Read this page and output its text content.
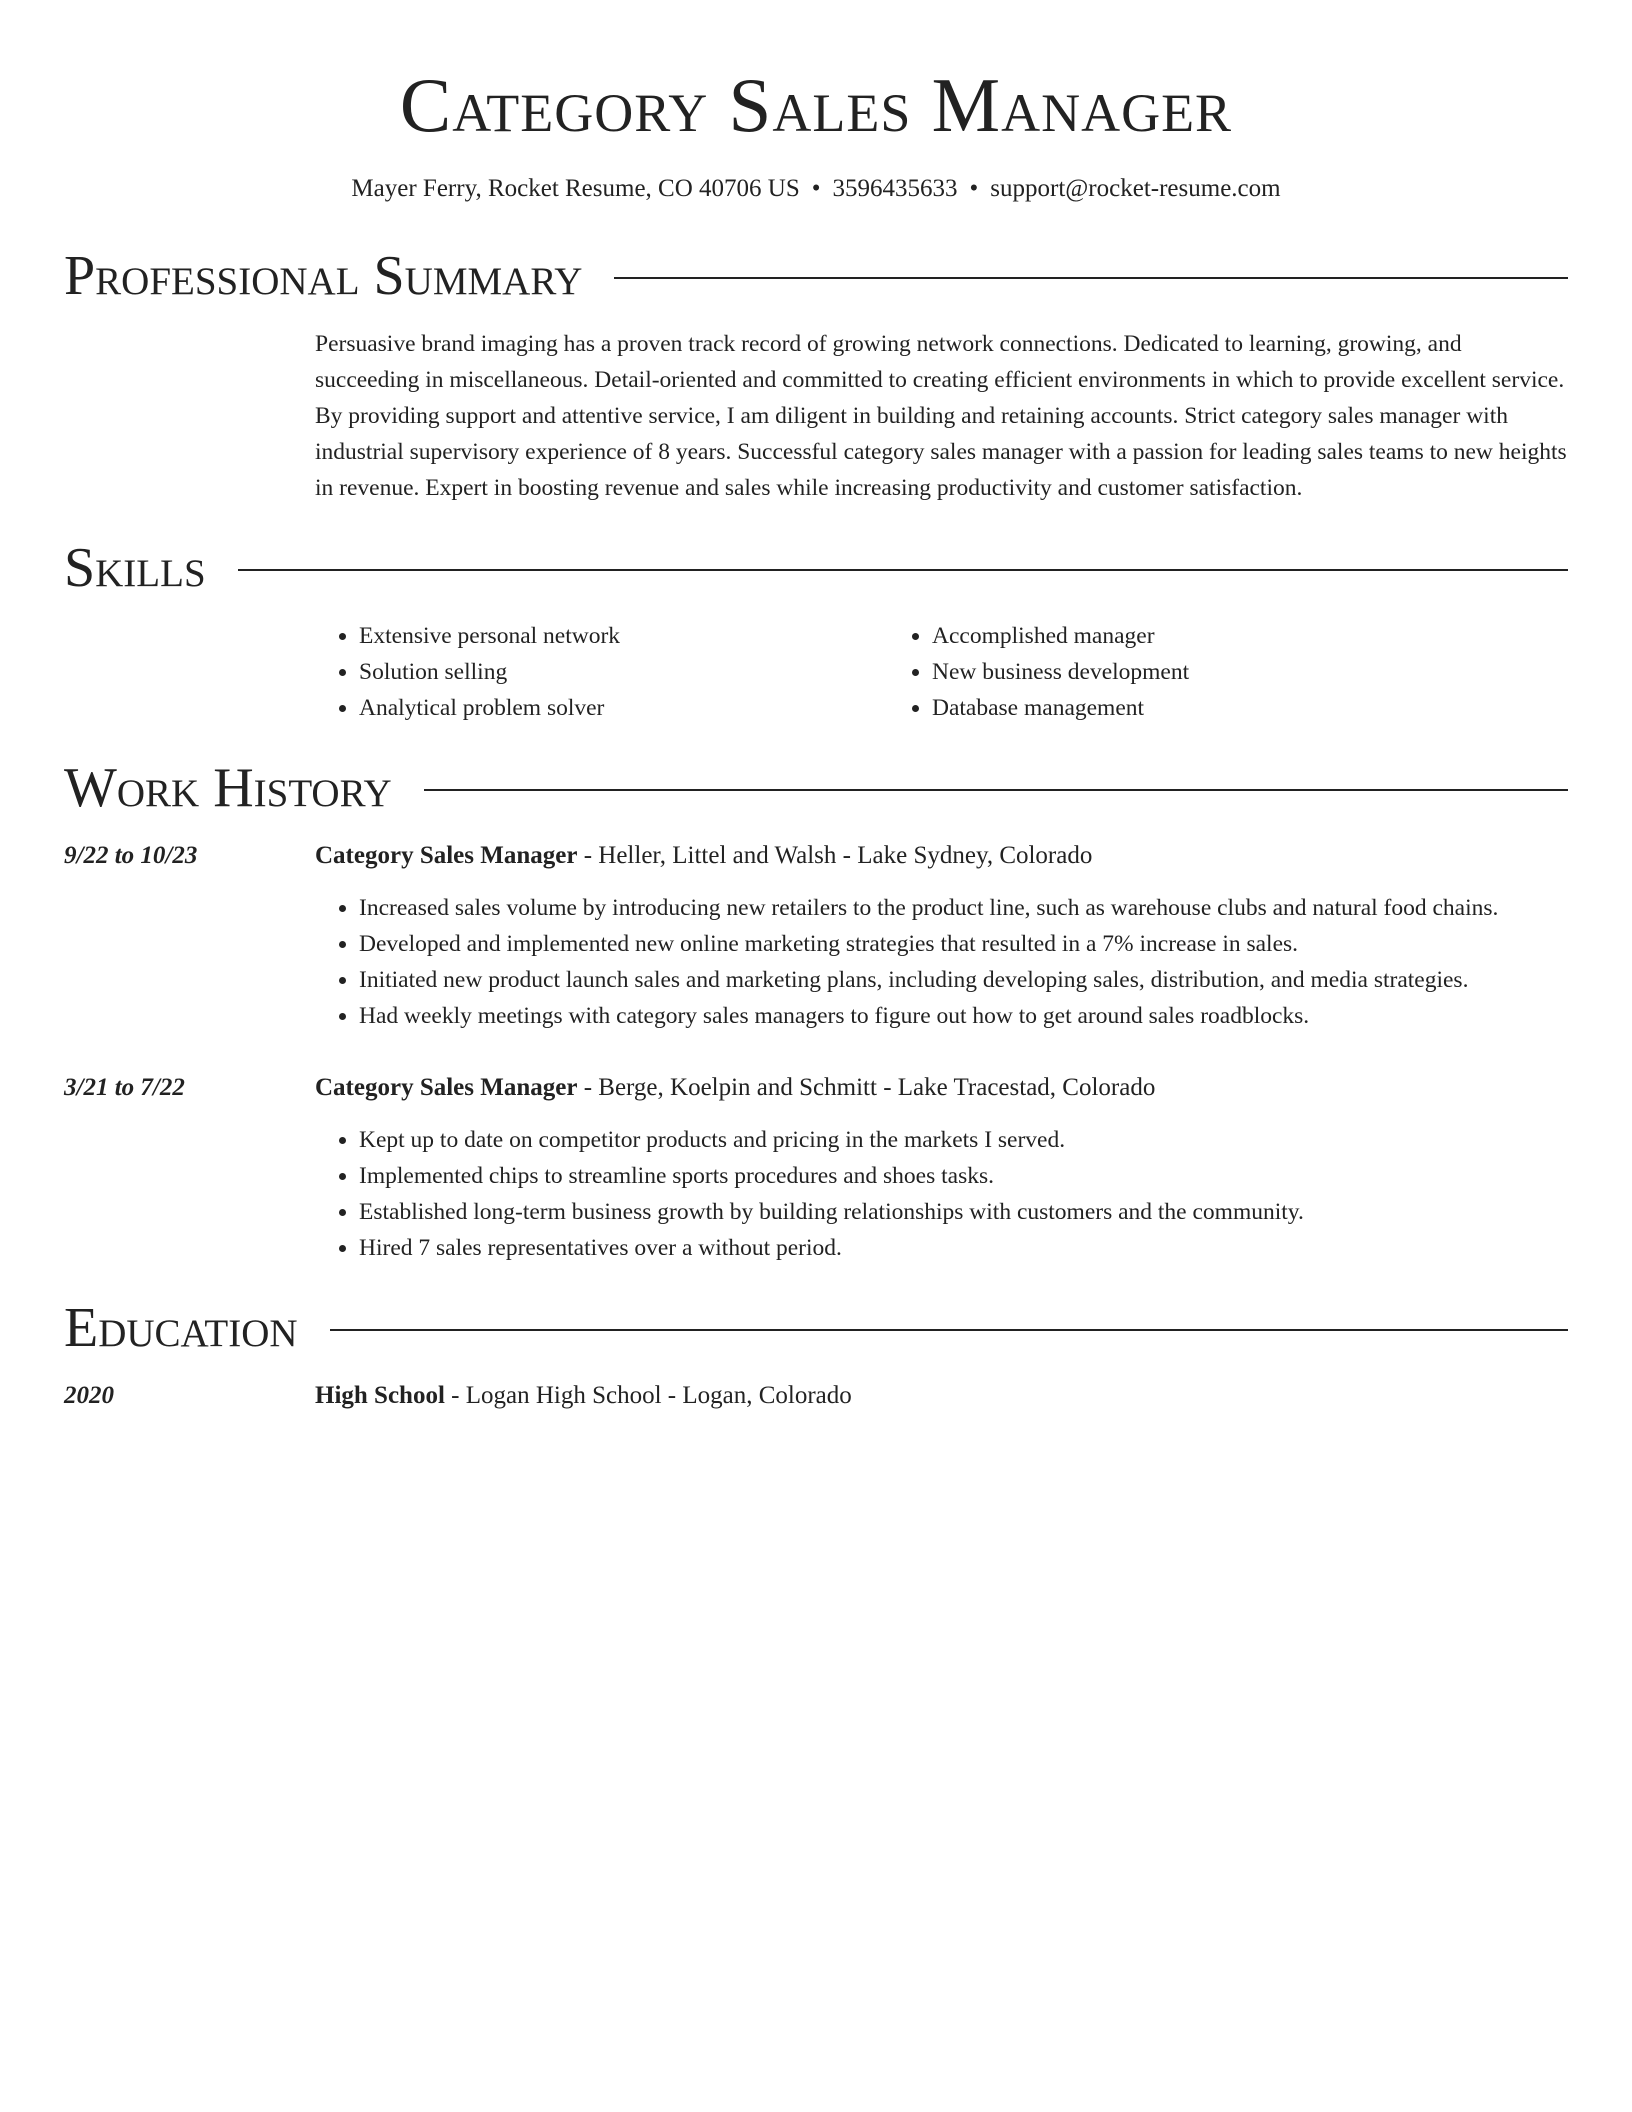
Category Sales Manager
Mayer Ferry, Rocket Resume, CO 40706 US • 3596435633 • support@rocket-resume.com
Professional Summary
Persuasive brand imaging has a proven track record of growing network connections. Dedicated to learning, growing, and succeeding in miscellaneous. Detail-oriented and committed to creating efficient environments in which to provide excellent service. By providing support and attentive service, I am diligent in building and retaining accounts. Strict category sales manager with industrial supervisory experience of 8 years. Successful category sales manager with a passion for leading sales teams to new heights in revenue. Expert in boosting revenue and sales while increasing productivity and customer satisfaction.
Skills
• Extensive personal network
• Solution selling
• Analytical problem solver
• Accomplished manager
• New business development
• Database management
Work History
9/22 to 10/23	Category Sales Manager - Heller, Littel and Walsh - Lake Sydney, Colorado
• Increased sales volume by introducing new retailers to the product line, such as warehouse clubs and natural food chains.
• Developed and implemented new online marketing strategies that resulted in a 7% increase in sales.
• Initiated new product launch sales and marketing plans, including developing sales, distribution, and media strategies.
• Had weekly meetings with category sales managers to figure out how to get around sales roadblocks.
3/21 to 7/22	Category Sales Manager - Berge, Koelpin and Schmitt - Lake Tracestad, Colorado
• Kept up to date on competitor products and pricing in the markets I served.
• Implemented chips to streamline sports procedures and shoes tasks.
• Established long-term business growth by building relationships with customers and the community.
• Hired 7 sales representatives over a without period.
Education
2020	High School - Logan High School - Logan, Colorado
